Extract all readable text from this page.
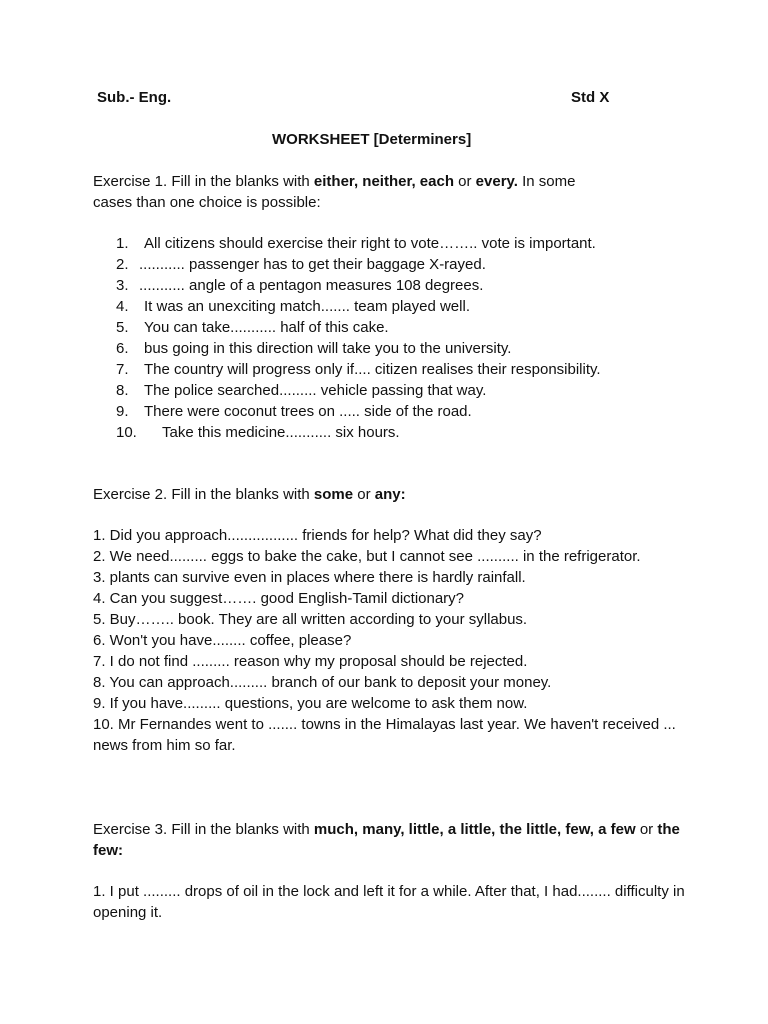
Sub.- Eng.	Std X
WORKSHEET [Determiners]
Exercise 1. Fill in the blanks with either, neither, each or every. In some
cases than one choice is possible:
1. All citizens should exercise their right to vote…….. vote is important.
2. ........... passenger has to get their baggage X-rayed.
3. ........... angle of a pentagon measures 108 degrees.
4. It was an unexciting match....... team played well.
5. You can take........... half of this cake.
6. bus going in this direction will take you to the university.
7. The country will progress only if.... citizen realises their responsibility.
8. The police searched......... vehicle passing that way.
9. There were coconut trees on ..... side of the road.
10. Take this medicine........... six hours.
Exercise 2. Fill in the blanks with some or any:
1. Did you approach................. friends for help? What did they say?
2. We need......... eggs to bake the cake, but I cannot see .......... in the refrigerator.
3. plants can survive even in places where there is hardly rainfall.
4. Can you suggest……. good English-Tamil dictionary?
5. Buy…….. book. They are all written according to your syllabus.
6. Won't you have........ coffee, please?
7. I do not find ......... reason why my proposal should be rejected.
8. You can approach......... branch of our bank to deposit your money.
9. If you have......... questions, you are welcome to ask them now.
10. Mr Fernandes went to ....... towns in the Himalayas last year. We haven't received ... news from him so far.
Exercise 3. Fill in the blanks with much, many, little, a little, the little, few, a few or the few:
1. I put ......... drops of oil in the lock and left it for a while. After that, I had........ difficulty in opening it.
